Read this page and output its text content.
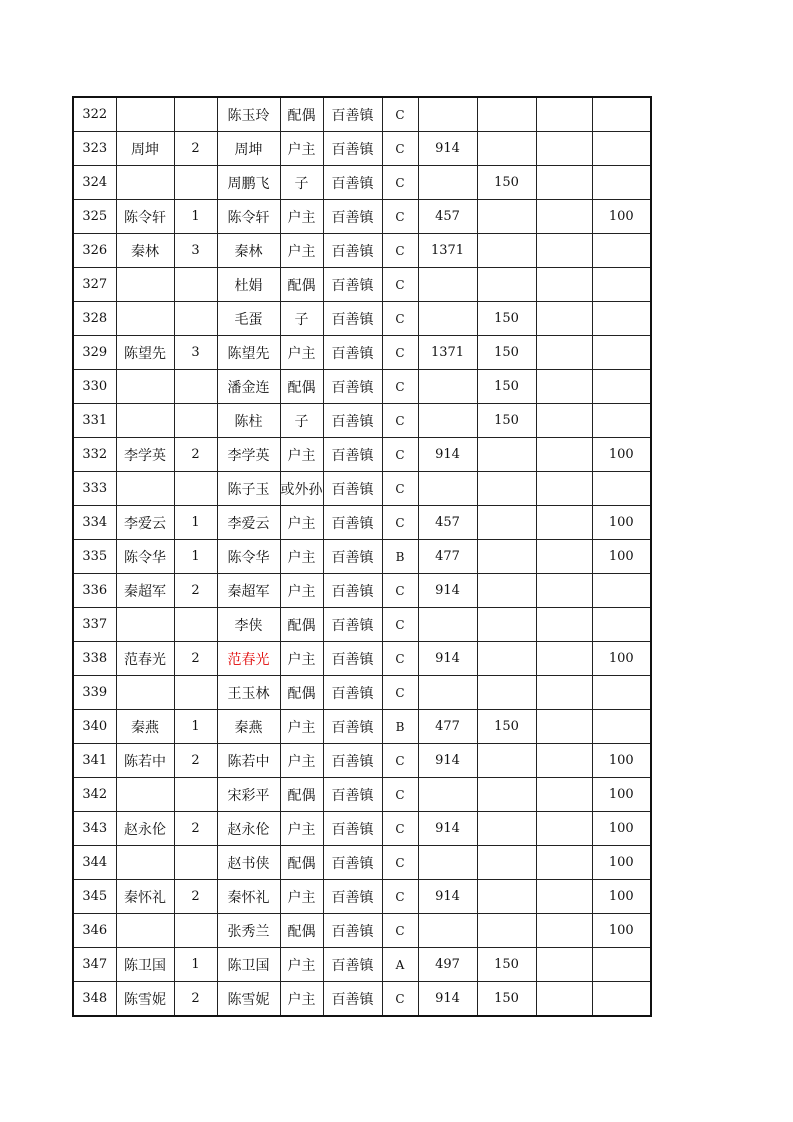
322			陈玉玲	配偶	百善镇	C				
323	周坤	2	周坤	户主	百善镇	C	914			
324			周鹏飞	子	百善镇	C		150		
325	陈令轩	1	陈令轩	户主	百善镇	C	457			100
326	秦林	3	秦林	户主	百善镇	C	1371			
327			杜娟	配偶	百善镇	C				
328			毛蛋	子	百善镇	C		150		
329	陈望先	3	陈望先	户主	百善镇	C	1371	150		
330			潘金连	配偶	百善镇	C		150		
331			陈柱	子	百善镇	C		150		
332	李学英	2	李学英	户主	百善镇	C	914			100
333			陈子玉	或外孙	百善镇	C				
334	李爱云	1	李爱云	户主	百善镇	C	457			100
335	陈令华	1	陈令华	户主	百善镇	B	477			100
336	秦超军	2	秦超军	户主	百善镇	C	914			
337			李侠	配偶	百善镇	C				
338	范春光	2	范春光	户主	百善镇	C	914			100
339			王玉林	配偶	百善镇	C				
340	秦燕	1	秦燕	户主	百善镇	B	477	150		
341	陈若中	2	陈若中	户主	百善镇	C	914			100
342			宋彩平	配偶	百善镇	C				100
343	赵永伦	2	赵永伦	户主	百善镇	C	914			100
344			赵书侠	配偶	百善镇	C				100
345	秦怀礼	2	秦怀礼	户主	百善镇	C	914			100
346			张秀兰	配偶	百善镇	C				100
347	陈卫国	1	陈卫国	户主	百善镇	A	497	150		
348	陈雪妮	2	陈雪妮	户主	百善镇	C	914	150		
